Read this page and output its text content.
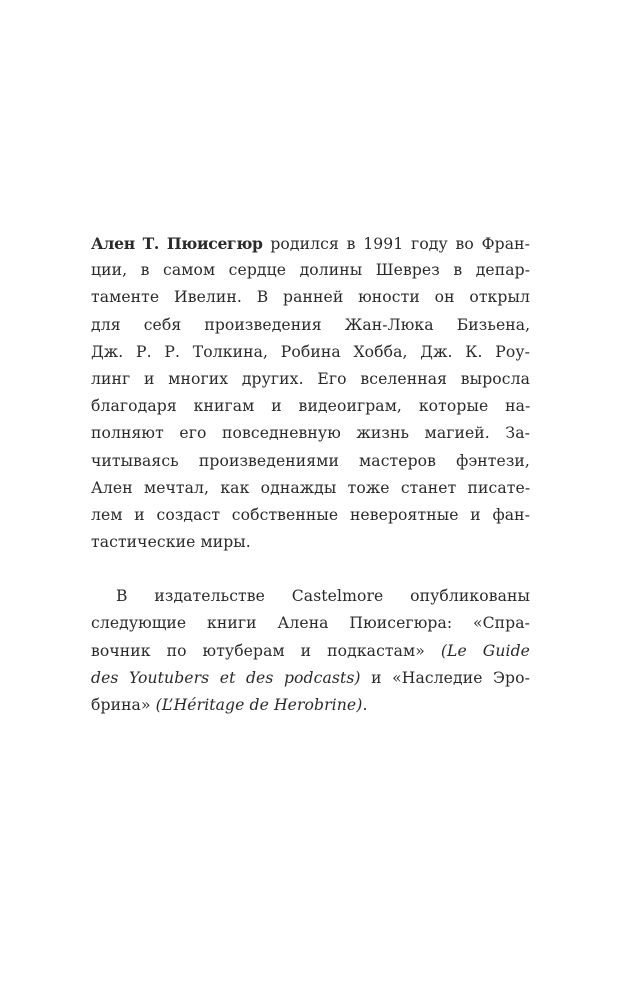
Ален Т. Пюисегюр родился в 1991 году во Фран-
ции, в самом сердце долины Шеврез в депар-
таменте Ивелин. В ранней юности он открыл
для себя произведения Жан-Люка Бизьена,
Дж. Р. Р. Толкина, Робина Хобба, Дж. К. Роу-
линг и многих других. Его вселенная выросла
благодаря книгам и видеоиграм, которые на-
полняют его повседневную жизнь магией. За-
читываясь произведениями мастеров фэнтези,
Ален мечтал, как однажды тоже станет писате-
лем и создаст собственные невероятные и фан-
тастические миры.

В издательстве Castelmore опубликованы
следующие книги Алена Пюисегюра: «Спра-
вочник по ютуберам и подкастам» (Le Guide
des Youtubers et des podcasts) и «Наследие Эро-
брина» (L’Héritage de Herobrine).
